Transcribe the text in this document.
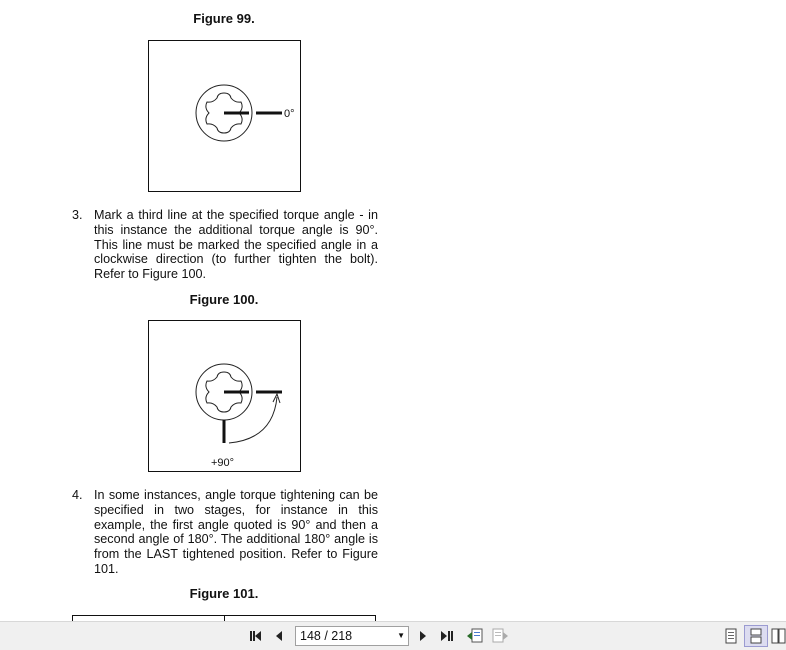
Figure 99.
0°
3. Mark a third line at the specified torque angle - in this instance the additional torque angle is 90°. This line must be marked the specified angle in a clockwise direction (to further tighten the bolt). Refer to Figure 100.
Figure 100.
+90°
4. In some instances, angle torque tightening can be specified in two stages, for instance in this example, the first angle quoted is 90° and then a second angle of 180°. The additional 180° angle is from the LAST tightened position. Refer to Figure 101.
Figure 101.
148 / 218	▼
